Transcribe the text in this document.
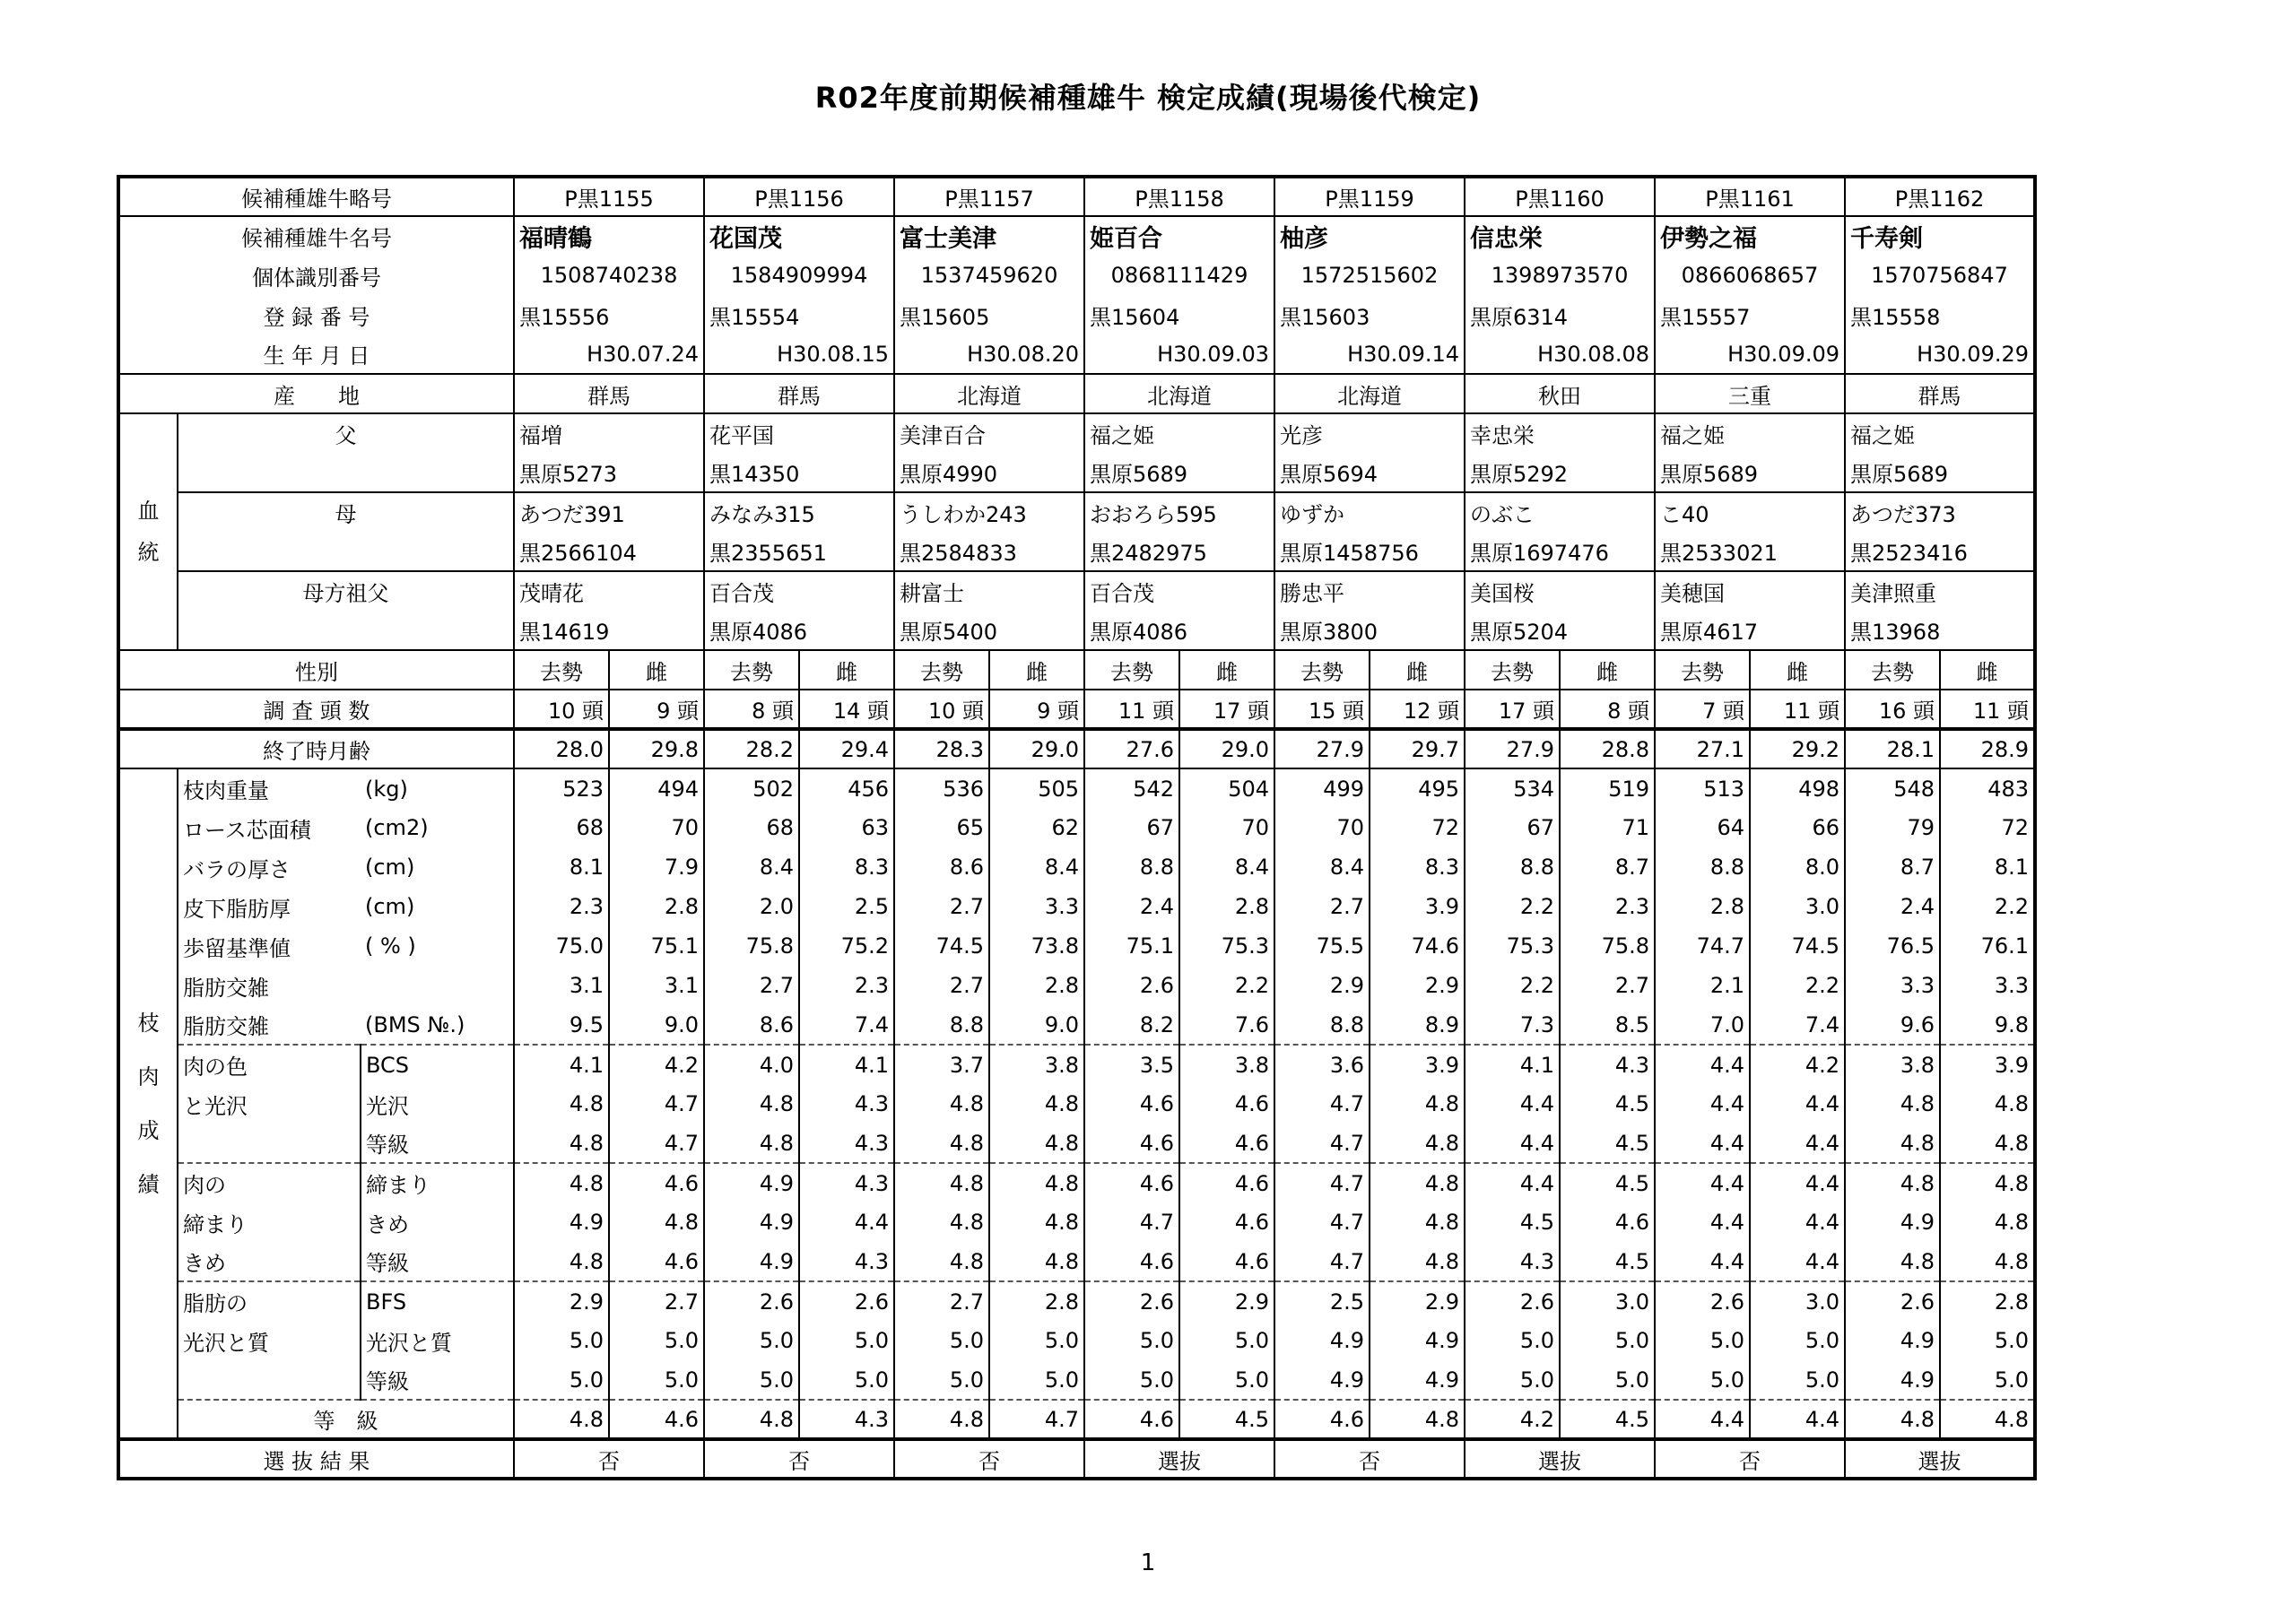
R02年度前期候補種雄牛 検定成績(現場後代検定)
候補種雄牛略号			P黒1155		P黒1156		P黒1157		P黒1158		P黒1159		P黒1160		P黒1161		P黒1162	
候補種雄牛名号			福晴鶴		花国茂		富士美津		姫百合		柚彦		信忠栄		伊勢之福		千寿剣	
個体識別番号			1508740238		1584909994		1537459620		0868111429		1572515602		1398973570		0866068657		1570756847	
登 録 番 号			黒15556		黒15554		黒15605		黒15604		黒15603		黒原6314		黒15557		黒15558	
生 年 月 日			H30.07.24		H30.08.15		H30.08.20		H30.09.03		H30.09.14		H30.08.08		H30.09.09		H30.09.29	
産　　地			群馬		群馬		北海道		北海道		北海道		秋田		三重		群馬	
血
統	父		福増		花平国		美津百合		福之姫		光彦		幸忠栄		福之姫		福之姫	
			黒原5273		黒14350		黒原4990		黒原5689		黒原5694		黒原5292		黒原5689		黒原5689	
	母		あつだ391		みなみ315		うしわか243		おおろら595		ゆずか		のぶこ		こ40		あつだ373	
			黒2566104		黒2355651		黒2584833		黒2482975		黒原1458756		黒原1697476		黒2533021		黒2523416	
	母方祖父		茂晴花		百合茂		耕富士		百合茂		勝忠平		美国桜		美穂国		美津照重	
			黒14619		黒原4086		黒原5400		黒原4086		黒原3800		黒原5204		黒原4617		黒13968	
性別			去勢	雌	去勢	雌	去勢	雌	去勢	雌	去勢	雌	去勢	雌	去勢	雌	去勢	雌
調 査 頭 数			10 頭	9 頭	8 頭	14 頭	10 頭	9 頭	11 頭	17 頭	15 頭	12 頭	17 頭	8 頭	7 頭	11 頭	16 頭	11 頭
終了時月齢			28.0	29.8	28.2	29.4	28.3	29.0	27.6	29.0	27.9	29.7	27.9	28.8	27.1	29.2	28.1	28.9
枝
肉
成
績	枝肉重量	(kg)	523	494	502	456	536	505	542	504	499	495	534	519	513	498	548	483
	ロース芯面積	(cm2)	68	70	68	63	65	62	67	70	70	72	67	71	64	66	79	72
	バラの厚さ	(cm)	8.1	7.9	8.4	8.3	8.6	8.4	8.8	8.4	8.4	8.3	8.8	8.7	8.8	8.0	8.7	8.1
	皮下脂肪厚	(cm)	2.3	2.8	2.0	2.5	2.7	3.3	2.4	2.8	2.7	3.9	2.2	2.3	2.8	3.0	2.4	2.2
	歩留基準値	( % )	75.0	75.1	75.8	75.2	74.5	73.8	75.1	75.3	75.5	74.6	75.3	75.8	74.7	74.5	76.5	76.1
	脂肪交雑		3.1	3.1	2.7	2.3	2.7	2.8	2.6	2.2	2.9	2.9	2.2	2.7	2.1	2.2	3.3	3.3
	脂肪交雑	(BMS №.)	9.5	9.0	8.6	7.4	8.8	9.0	8.2	7.6	8.8	8.9	7.3	8.5	7.0	7.4	9.6	9.8
	肉の色	BCS	4.1	4.2	4.0	4.1	3.7	3.8	3.5	3.8	3.6	3.9	4.1	4.3	4.4	4.2	3.8	3.9
	と光沢	光沢	4.8	4.7	4.8	4.3	4.8	4.8	4.6	4.6	4.7	4.8	4.4	4.5	4.4	4.4	4.8	4.8
		等級	4.8	4.7	4.8	4.3	4.8	4.8	4.6	4.6	4.7	4.8	4.4	4.5	4.4	4.4	4.8	4.8
	肉の	締まり	4.8	4.6	4.9	4.3	4.8	4.8	4.6	4.6	4.7	4.8	4.4	4.5	4.4	4.4	4.8	4.8
	締まり	きめ	4.9	4.8	4.9	4.4	4.8	4.8	4.7	4.6	4.7	4.8	4.5	4.6	4.4	4.4	4.9	4.8
	きめ	等級	4.8	4.6	4.9	4.3	4.8	4.8	4.6	4.6	4.7	4.8	4.3	4.5	4.4	4.4	4.8	4.8
	脂肪の	BFS	2.9	2.7	2.6	2.6	2.7	2.8	2.6	2.9	2.5	2.9	2.6	3.0	2.6	3.0	2.6	2.8
	光沢と質	光沢と質	5.0	5.0	5.0	5.0	5.0	5.0	5.0	5.0	4.9	4.9	5.0	5.0	5.0	5.0	4.9	5.0
		等級	5.0	5.0	5.0	5.0	5.0	5.0	5.0	5.0	4.9	4.9	5.0	5.0	5.0	5.0	4.9	5.0
	等　級		4.8	4.6	4.8	4.3	4.8	4.7	4.6	4.5	4.6	4.8	4.2	4.5	4.4	4.4	4.8	4.8
選 抜 結 果			否		否		否		選抜		否		選抜		否		選抜	
1
